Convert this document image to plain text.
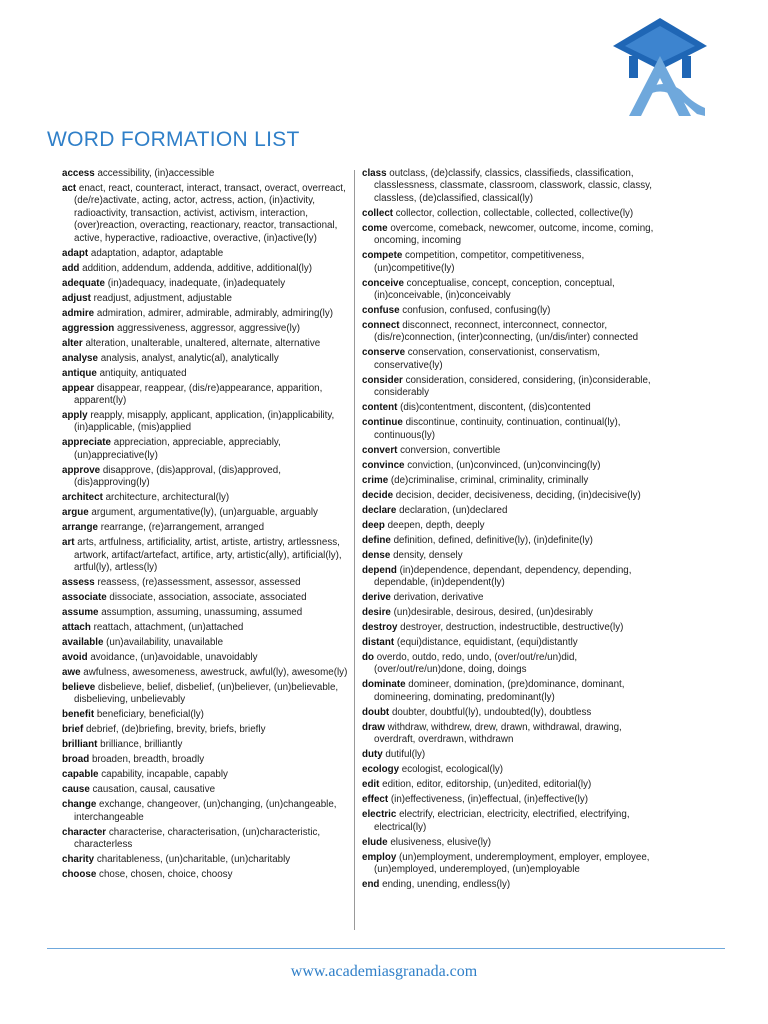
WORD FORMATION LIST
access accessibility, (in)accessible
act enact, react, counteract, interact, transact, overact, overreact, (de/re)activate, acting, actor, actress, action, (in)activity, radioactivity, transaction, activist, activism, interaction, (over)reaction, overacting, reactionary, reactor, transactional, active, hyperactive, radioactive, overactive, (in)active(ly)
adapt adaptation, adaptor, adaptable
add addition, addendum, addenda, additive, additional(ly)
adequate (in)adequacy, inadequate, (in)adequately
adjust readjust, adjustment, adjustable
admire admiration, admirer, admirable, admirably, admiring(ly)
aggression aggressiveness, aggressor, aggressive(ly)
alter alteration, unalterable, unaltered, alternate, alternative
analyse analysis, analyst, analytic(al), analytically
antique antiquity, antiquated
appear disappear, reappear, (dis/re)appearance, apparition, apparent(ly)
apply reapply, misapply, applicant, application, (in)applicability, (in)applicable, (mis)applied
appreciate appreciation, appreciable, appreciably, (un)appreciative(ly)
approve disapprove, (dis)approval, (dis)approved, (dis)approving(ly)
architect architecture, architectural(ly)
argue argument, argumentative(ly), (un)arguable, arguably
arrange rearrange, (re)arrangement, arranged
art arts, artfulness, artificiality, artist, artiste, artistry, artlessness, artwork, artifact/artefact, artifice, arty, artistic(ally), artificial(ly), artful(ly), artless(ly)
assess reassess, (re)assessment, assessor, assessed
associate dissociate, association, associate, associated
assume assumption, assuming, unassuming, assumed
attach reattach, attachment, (un)attached
available (un)availability, unavailable
avoid avoidance, (un)avoidable, unavoidably
awe awfulness, awesomeness, awestruck, awful(ly), awesome(ly)
believe disbelieve, belief, disbelief, (un)believer, (un)believable, disbelieving, unbelievably
benefit beneficiary, beneficial(ly)
brief debrief, (de)briefing, brevity, briefs, briefly
brilliant brilliance, brilliantly
broad broaden, breadth, broadly
capable capability, incapable, capably
cause causation, causal, causative
change exchange, changeover, (un)changing, (un)changeable, interchangeable
character characterise, characterisation, (un)characteristic, characterless
charity charitableness, (un)charitable, (un)charitably
choose chose, chosen, choice, choosy
class outclass, (de)classify, classics, classifieds, classification, classlessness, classmate, classroom, classwork, classic, classy, classless, (de)classified, classical(ly)
collect collector, collection, collectable, collected, collective(ly)
come overcome, comeback, newcomer, outcome, income, coming, oncoming, incoming
compete competition, competitor, competitiveness, (un)competitive(ly)
conceive conceptualise, concept, conception, conceptual, (in)conceivable, (in)conceivably
confuse confusion, confused, confusing(ly)
connect disconnect, reconnect, interconnect, connector, (dis/re)connection, (inter)connecting, (un/dis/inter) connected
conserve conservation, conservationist, conservatism, conservative(ly)
consider consideration, considered, considering, (in)considerable, considerably
content (dis)contentment, discontent, (dis)contented
continue discontinue, continuity, continuation, continual(ly), continuous(ly)
convert conversion, convertible
convince conviction, (un)convinced, (un)convincing(ly)
crime (de)criminalise, criminal, criminality, criminally
decide decision, decider, decisiveness, deciding, (in)decisive(ly)
declare declaration, (un)declared
deep deepen, depth, deeply
define definition, defined, definitive(ly), (in)definite(ly)
dense density, densely
depend (in)dependence, dependant, dependency, depending, dependable, (in)dependent(ly)
derive derivation, derivative
desire (un)desirable, desirous, desired, (un)desirably
destroy destroyer, destruction, indestructible, destructive(ly)
distant (equi)distance, equidistant, (equi)distantly
do overdo, outdo, redo, undo, (over/out/re/un)did, (over/out/re/un)done, doing, doings
dominate domineer, domination, (pre)dominance, dominant, domineering, dominating, predominant(ly)
doubt doubter, doubtful(ly), undoubted(ly), doubtless
draw withdraw, withdrew, drew, drawn, withdrawal, drawing, overdraft, overdrawn, withdrawn
duty dutiful(ly)
ecology ecologist, ecological(ly)
edit edition, editor, editorship, (un)edited, editorial(ly)
effect (in)effectiveness, (in)effectual, (in)effective(ly)
electric electrify, electrician, electricity, electrified, electrifying, electrical(ly)
elude elusiveness, elusive(ly)
employ (un)employment, underemployment, employer, employee, (un)employed, underemployed, (un)employable
end ending, unending, endless(ly)
www.academiasgranada.com
